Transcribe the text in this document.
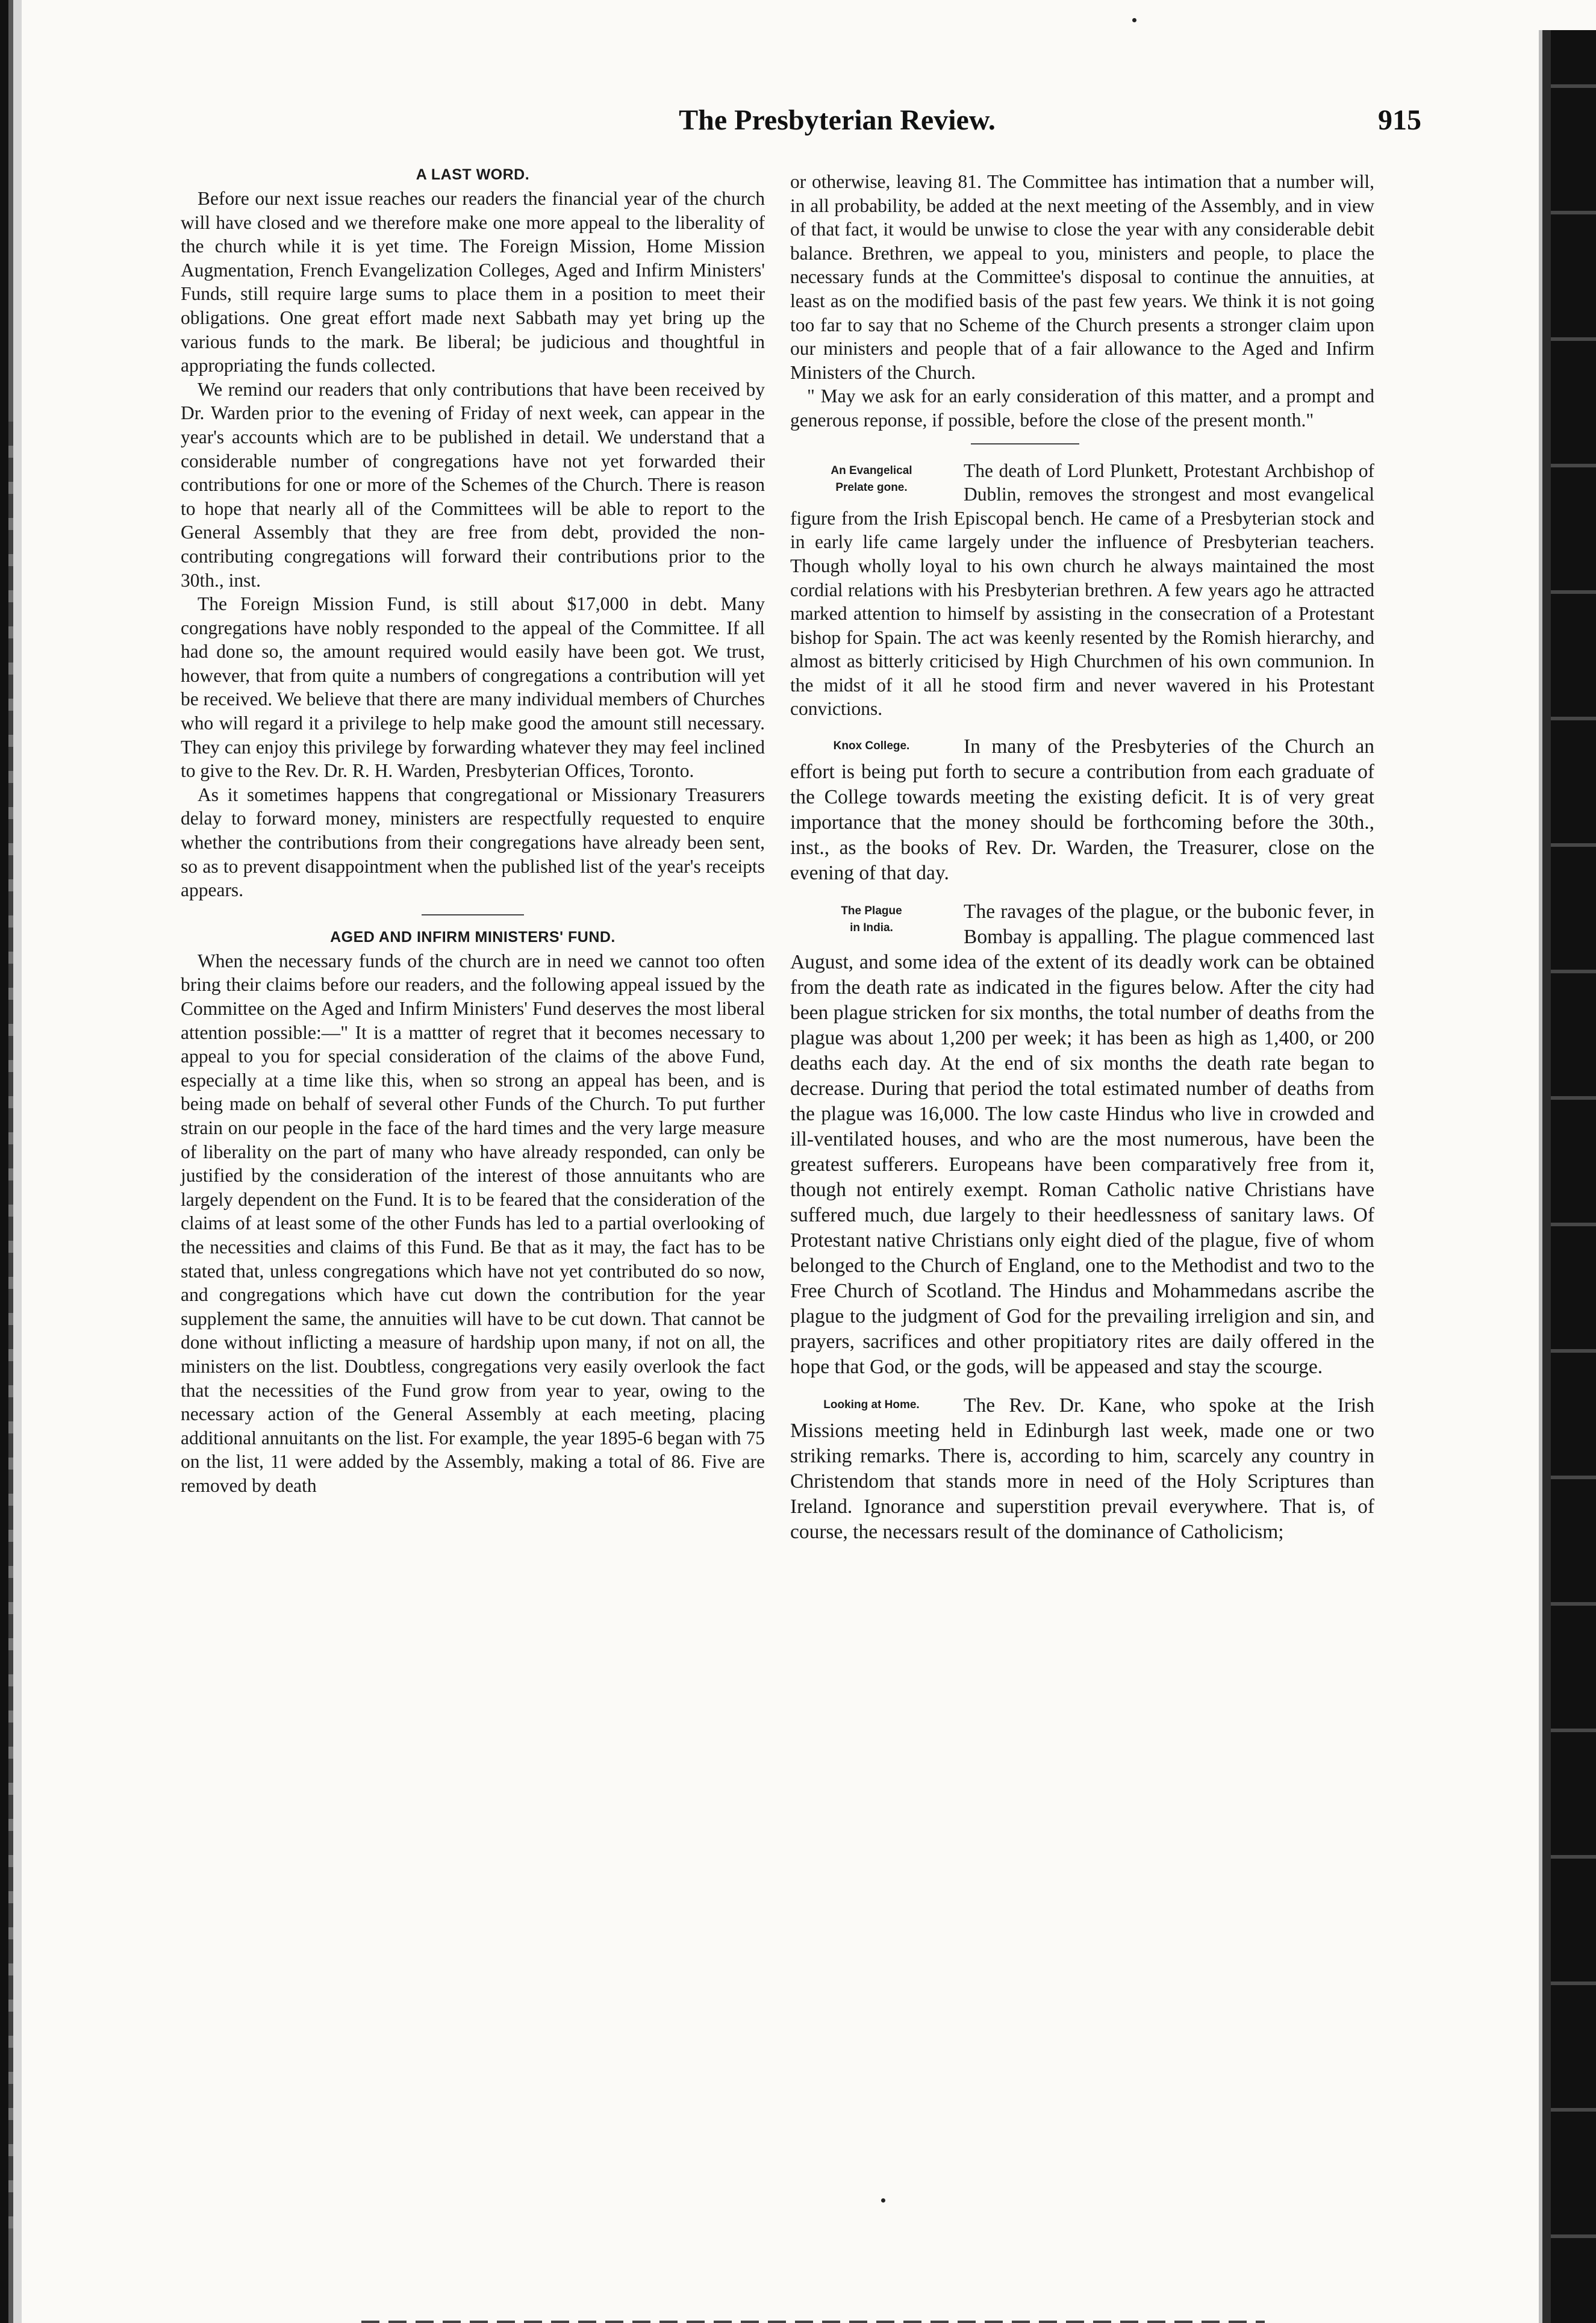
The Presbyterian Review.	915
A LAST WORD.

Before our next issue reaches our readers the financial year of the church will have closed and we therefore make one more appeal to the liberality of the church while it is yet time. The Foreign Mission, Home Mission Augmentation, French Evangelization Colleges, Aged and Infirm Ministers' Funds, still require large sums to place them in a position to meet their obligations. One great effort made next Sabbath may yet bring up the various funds to the mark. Be liberal; be judicious and thoughtful in appropriating the funds collected.

We remind our readers that only contributions that have been received by Dr. Warden prior to the evening of Friday of next week, can appear in the year's accounts which are to be published in detail. We understand that a considerable number of congregations have not yet forwarded their contributions for one or more of the Schemes of the Church. There is reason to hope that nearly all of the Committees will be able to report to the General Assembly that they are free from debt, provided the non-contributing congregations will forward their contributions prior to the 30th., inst.

The Foreign Mission Fund, is still about $17,000 in debt. Many congregations have nobly responded to the appeal of the Committee. If all had done so, the amount required would easily have been got. We trust, however, that from quite a numbers of congregations a contribution will yet be received. We believe that there are many individual members of Churches who will regard it a privilege to help make good the amount still necessary. They can enjoy this privilege by forwarding whatever they may feel inclined to give to the Rev. Dr. R. H. Warden, Presbyterian Offices, Toronto.

As it sometimes happens that congregational or Missionary Treasurers delay to forward money, ministers are respectfully requested to enquire whether the contributions from their congregations have already been sent, so as to prevent disappointment when the published list of the year's receipts appears.

AGED AND INFIRM MINISTERS' FUND.

When the necessary funds of the church are in need we cannot too often bring their claims before our readers, and the following appeal issued by the Committee on the Aged and Infirm Ministers' Fund deserves the most liberal attention possible:—" It is a mattter of regret that it becomes necessary to appeal to you for special consideration of the claims of the above Fund, especially at a time like this, when so strong an appeal has been, and is being made on behalf of several other Funds of the Church. To put further strain on our people in the face of the hard times and the very large measure of liberality on the part of many who have already responded, can only be justified by the consideration of the interest of those annuitants who are largely dependent on the Fund. It is to be feared that the consideration of the claims of at least some of the other Funds has led to a partial overlooking of the necessities and claims of this Fund. Be that as it may, the fact has to be stated that, unless congregations which have not yet contributed do so now, and congregations which have cut down the contribution for the year supplement the same, the annuities will have to be cut down. That cannot be done without inflicting a measure of hardship upon many, if not on all, the ministers on the list. Doubtless, congregations very easily overlook the fact that the necessities of the Fund grow from year to year, owing to the necessary action of the General Assembly at each meeting, placing additional annuitants on the list. For example, the year 1895-6 began with 75 on the list, 11 were added by the Assembly, making a total of 86. Five are removed by death

or otherwise, leaving 81. The Committee has intimation that a number will, in all probability, be added at the next meeting of the Assembly, and in view of that fact, it would be unwise to close the year with any considerable debit balance. Brethren, we appeal to you, ministers and people, to place the necessary funds at the Committee's disposal to continue the annuities, at least as on the modified basis of the past few years. We think it is not going too far to say that no Scheme of the Church presents a stronger claim upon our ministers and people that of a fair allowance to the Aged and Infirm Ministers of the Church.

" May we ask for an early consideration of this matter, and a prompt and generous reponse, if possible, before the close of the present month."

An Evangelical
Prelate gone.

The death of Lord Plunkett, Protestant Archbishop of Dublin, removes the strongest and most evangelical figure from the Irish Episcopal bench. He came of a Presbyterian stock and in early life came largely under the influence of Presbyterian teachers. Though wholly loyal to his own church he always maintained the most cordial relations with his Presbyterian brethren. A few years ago he attracted marked attention to himself by assisting in the consecration of a Protestant bishop for Spain. The act was keenly resented by the Romish hierarchy, and almost as bitterly criticised by High Churchmen of his own communion. In the midst of it all he stood firm and never wavered in his Protestant convictions.

Knox College.	In many of the Presbyteries of the Church an effort is being put forth to secure a contribution from each graduate of the College towards meeting the existing deficit. It is of very great importance that the money should be forthcoming before the 30th., inst., as the books of Rev. Dr. Warden, the Treasurer, close on the evening of that day.

The Plague
in India.

The ravages of the plague, or the bubonic fever, in Bombay is appalling. The plague commenced last August, and some idea of the extent of its deadly work can be obtained from the death rate as indicated in the figures below. After the city had been plague stricken for six months, the total number of deaths from the plague was about 1,200 per week; it has been as high as 1,400, or 200 deaths each day. At the end of six months the death rate began to decrease. During that period the total estimated number of deaths from the plague was 16,000. The low caste Hindus who live in crowded and ill-ventilated houses, and who are the most numerous, have been the greatest sufferers. Europeans have been comparatively free from it, though not entirely exempt. Roman Catholic native Christians have suffered much, due largely to their heedlessness of sanitary laws. Of Protestant native Christians only eight died of the plague, five of whom belonged to the Church of England, one to the Methodist and two to the Free Church of Scotland. The Hindus and Mohammedans ascribe the plague to the judgment of God for the prevailing irreligion and sin, and prayers, sacrifices and other propitiatory rites are daily offered in the hope that God, or the gods, will be appeased and stay the scourge.

Looking at Home.	The Rev. Dr. Kane, who spoke at the Irish Missions meeting held in Edinburgh last week, made one or two striking remarks. There is, according to him, scarcely any country in Christendom that stands more in need of the Holy Scriptures than Ireland. Ignorance and superstition prevail everywhere. That is, of course, the necessars result of the dominance of Catholicism;
